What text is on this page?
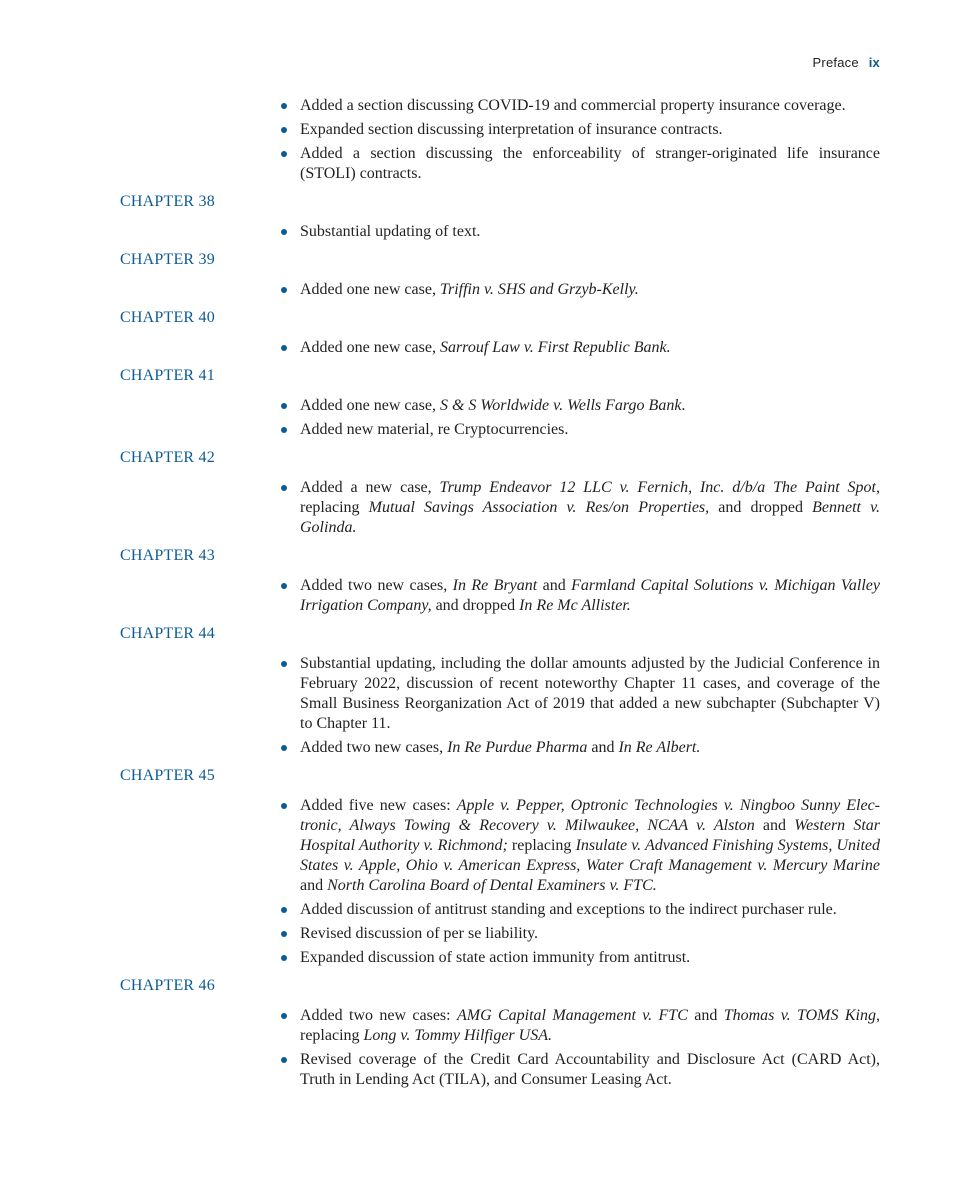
Preface ix
Added a section discussing COVID-19 and commercial property insurance coverage.
Expanded section discussing interpretation of insurance contracts.
Added a section discussing the enforceability of stranger-originated life insurance (STOLI) contracts.
CHAPTER 38
Substantial updating of text.
CHAPTER 39
Added one new case, Triffin v. SHS and Grzyb-Kelly.
CHAPTER 40
Added one new case, Sarrouf Law v. First Republic Bank.
CHAPTER 41
Added one new case, S & S Worldwide v. Wells Fargo Bank.
Added new material, re Cryptocurrencies.
CHAPTER 42
Added a new case, Trump Endeavor 12 LLC v. Fernich, Inc. d/b/a The Paint Spot, replacing Mutual Savings Association v. Res/on Properties, and dropped Bennett v. Golinda.
CHAPTER 43
Added two new cases, In Re Bryant and Farmland Capital Solutions v. Michigan Valley Irrigation Company, and dropped In Re Mc Allister.
CHAPTER 44
Substantial updating, including the dollar amounts adjusted by the Judicial Conference in February 2022, discussion of recent noteworthy Chapter 11 cases, and coverage of the Small Business Reorganization Act of 2019 that added a new subchapter (Subchapter V) to Chapter 11.
Added two new cases, In Re Purdue Pharma and In Re Albert.
CHAPTER 45
Added five new cases: Apple v. Pepper, Optronic Technologies v. Ningboo Sunny Electronic, Always Towing & Recovery v. Milwaukee, NCAA v. Alston and Western Star Hospital Authority v. Richmond; replacing Insulate v. Advanced Finishing Systems, United States v. Apple, Ohio v. American Express, Water Craft Management v. Mercury Marine and North Carolina Board of Dental Examiners v. FTC.
Added discussion of antitrust standing and exceptions to the indirect purchaser rule.
Revised discussion of per se liability.
Expanded discussion of state action immunity from antitrust.
CHAPTER 46
Added two new cases: AMG Capital Management v. FTC and Thomas v. TOMS King, replacing Long v. Tommy Hilfiger USA.
Revised coverage of the Credit Card Accountability and Disclosure Act (CARD Act), Truth in Lending Act (TILA), and Consumer Leasing Act.
